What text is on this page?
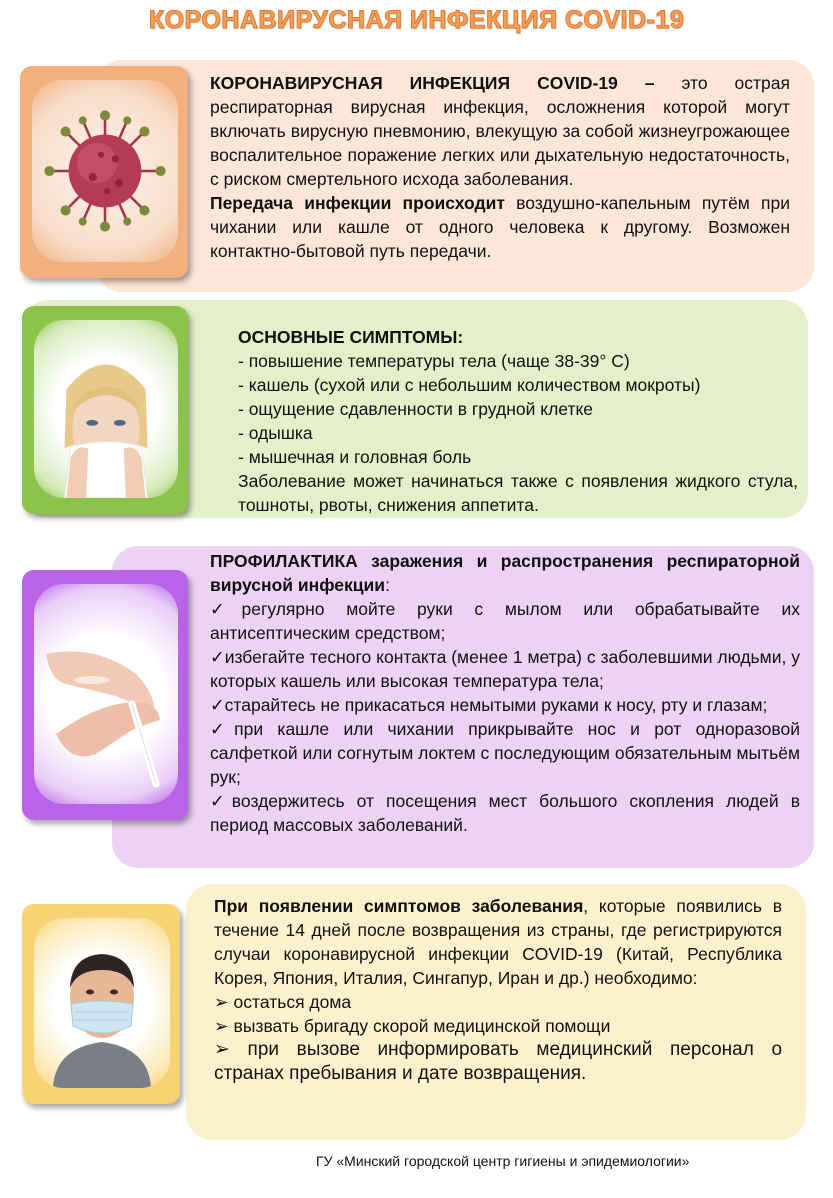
КОРОНАВИРУСНАЯ ИНФЕКЦИЯ COVID-19
КОРОНАВИРУСНАЯ ИНФЕКЦИЯ COVID-19 – это острая респираторная вирусная инфекция, осложнения которой могут включать вирусную пневмонию, влекущую за собой жизнеугрожающее воспалительное поражение легких или дыхательную недостаточность, с риском смертельного исхода заболевания.
Передача инфекции происходит воздушно-капельным путём при чихании или кашле от одного человека к другому. Возможен контактно-бытовой путь передачи.
ОСНОВНЫЕ СИМПТОМЫ:
- повышение температуры тела (чаще 38-39° С)
- кашель (сухой или с небольшим количеством мокроты)
- ощущение сдавленности в грудной клетке
- одышка
- мышечная и головная боль
Заболевание может начинаться также с появления жидкого стула, тошноты, рвоты, снижения аппетита.
ПРОФИЛАКТИКА заражения и распространения респираторной вирусной инфекции:
✓регулярно мойте руки с мылом или обрабатывайте их антисептическим средством;
✓избегайте тесного контакта (менее 1 метра) с заболевшими людьми, у которых кашель или высокая температура тела;
✓старайтесь не прикасаться немытыми руками к носу, рту и глазам;
✓при кашле или чихании прикрывайте нос и рот одноразовой салфеткой или согнутым локтем с последующим обязательным мытьём рук;
✓воздержитесь от посещения мест большого скопления людей в период массовых заболеваний.
При появлении симптомов заболевания, которые появились в течение 14 дней после возвращения из страны, где регистрируются случаи коронавирусной инфекции COVID-19 (Китай, Республика Корея, Япония, Италия, Сингапур, Иран и др.) необходимо:
➢ остаться дома
➢ вызвать бригаду скорой медицинской помощи
➢ при вызове информировать медицинский персонал о странах пребывания и дате возвращения.
ГУ «Минский городской центр гигиены и эпидемиологии»
